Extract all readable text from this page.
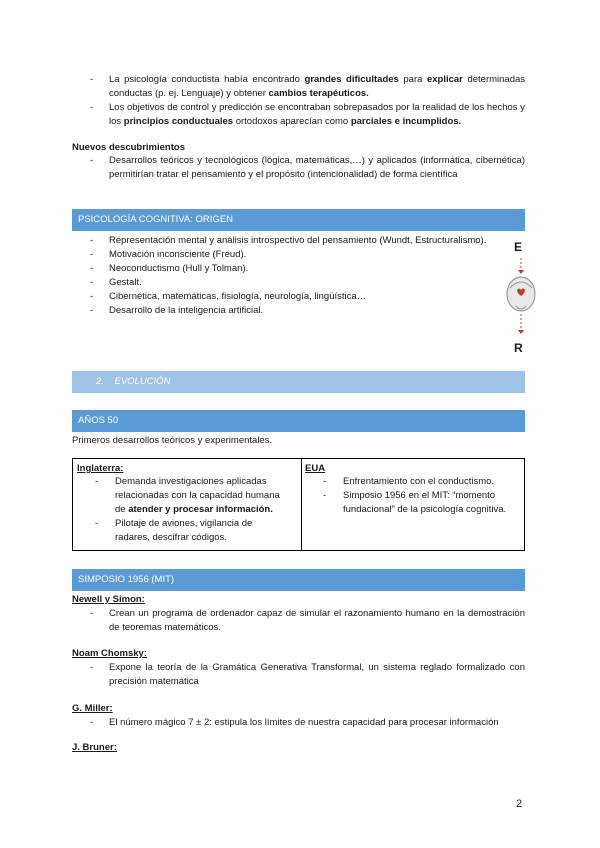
- La psicología conductista había encontrado grandes dificultades para explicar determinadas conductas (p. ej. Lenguaje) y obtener cambios terapéuticos.
- Los objetivos de control y predicción se encontraban sobrepasados por la realidad de los hechos y los principios conductuales ortodoxos aparecían como parciales e incumplidos.
Nuevos descubrimientos
- Desarrollos teóricos y tecnológicos (lógica, matemáticas,…) y aplicados (informática, cibernética) permitirían tratar el pensamiento y el propósito (intencionalidad) de forma científica
PSICOLOGÍA COGNITIVA: ORIGEN
- Representación mental y análisis introspectivo del pensamiento (Wundt, Estructuralismo).
- Motivación inconsciente (Freud).
- Neoconductismo (Hull y Tolman).
- Gestalt.
- Cibernética, matemáticas, fisiología, neurología, lingüística…
- Desarrollo de la inteligencia artificial.
E
R
2.    EVOLUCIÓN
AÑOS 50
Primeros desarrollos teóricos y experimentales.
Inglaterra:
- Demanda investigaciones aplicadas relacionadas con la capacidad humana de atender y procesar información.
- Pilotaje de aviones, vigilancia de radares, descifrar códigos.
EUA
- Enfrentamiento con el conductismo.
- Simposio 1956 en el MIT: “momento fundacional” de la psicología cognitiva.
SIMPOSIO 1956 (MIT)
Newell y Simon:
- Crean un programa de ordenador capaz de simular el razonamiento humano en la demostración de teoremas matemáticos.
Noam Chomsky:
- Expone la teoría de la Gramática Generativa Transformal, un sistema reglado formalizado con precisión matemática
G. Miller:
- El número mágico 7 ± 2: estipula los límites de nuestra capacidad para procesar información
J. Bruner:
2
